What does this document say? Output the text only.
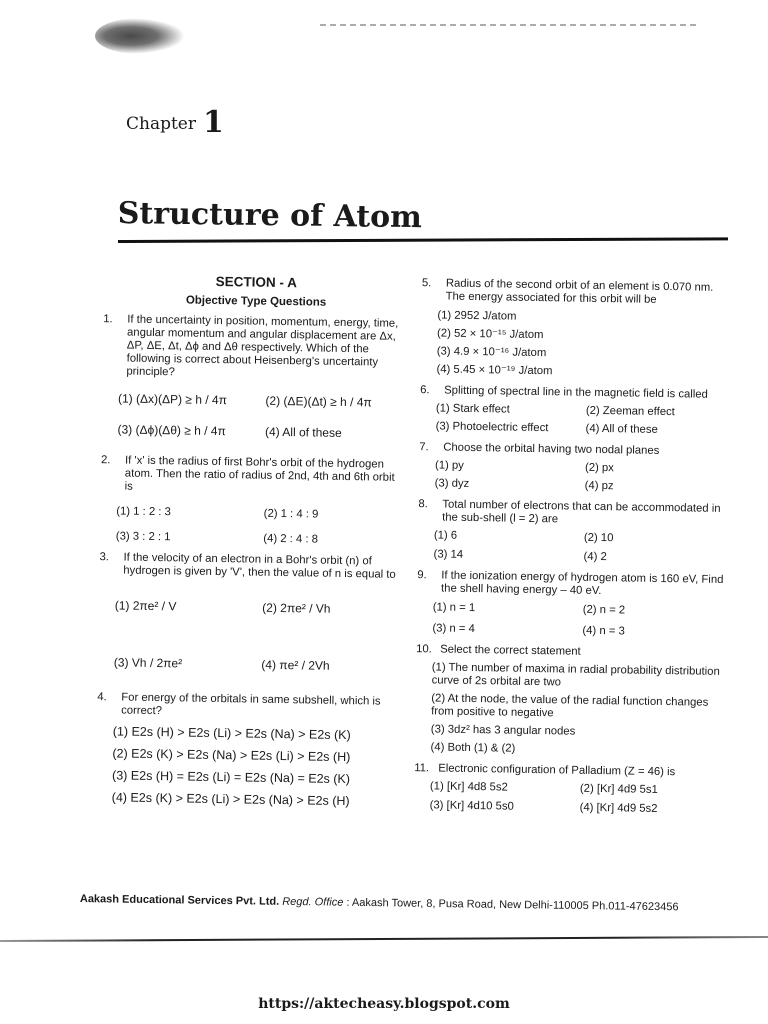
Chapter 1
Structure of Atom
SECTION - A
Objective Type Questions
1.	If the uncertainty in position, momentum, energy, time, angular momentum and angular displacement are Δx, ΔP, ΔE, Δt, Δϕ and Δθ respectively. Which of the following is correct about Heisenberg's uncertainty principle?
(1) (Δx)(ΔP) ≥ h / 4π	(2) (ΔE)(Δt) ≥ h / 4π
(3) (Δϕ)(Δθ) ≥ h / 4π	(4) All of these
2.	If 'x' is the radius of first Bohr's orbit of the hydrogen atom. Then the ratio of radius of 2nd, 4th and 6th orbit is
(1) 1 : 2 : 3	(2) 1 : 4 : 9
(3) 3 : 2 : 1	(4) 2 : 4 : 8
3.	If the velocity of an electron in a Bohr's orbit (n) of hydrogen is given by 'V', then the value of n is equal to
(1) 2πe² / V	(2) 2πe² / Vh
(3) Vh / 2πe²	(4) πe² / 2Vh
4.	For energy of the orbitals in same subshell, which is correct?
(1) E2s (H) > E2s (Li) > E2s (Na) > E2s (K)
(2) E2s (K) > E2s (Na) > E2s (Li) > E2s (H)
(3) E2s (H) = E2s (Li) = E2s (Na) = E2s (K)
(4) E2s (K) > E2s (Li) > E2s (Na) > E2s (H)
5.	Radius of the second orbit of an element is 0.070 nm. The energy associated for this orbit will be
(1) 2952 J/atom
(2) 52 × 10⁻¹⁵ J/atom
(3) 4.9 × 10⁻¹⁶ J/atom
(4) 5.45 × 10⁻¹⁹ J/atom
6.	Splitting of spectral line in the magnetic field is called
(1) Stark effect	(2) Zeeman effect
(3) Photoelectric effect	(4) All of these
7.	Choose the orbital having two nodal planes
(1) py	(2) px
(3) dyz	(4) pz
8.	Total number of electrons that can be accommodated in the sub-shell (l = 2) are
(1) 6	(2) 10
(3) 14	(4) 2
9.	If the ionization energy of hydrogen atom is 160 eV, Find the shell having energy – 40 eV.
(1) n = 1	(2) n = 2
(3) n = 4	(4) n = 3
10. Select the correct statement
(1) The number of maxima in radial probability distribution curve of 2s orbital are two
(2) At the node, the value of the radial function changes from positive to negative
(3) 3dz² has 3 angular nodes
(4) Both (1) & (2)
11. Electronic configuration of Palladium (Z = 46) is
(1) [Kr] 4d8 5s2	(2) [Kr] 4d9 5s1
(3) [Kr] 4d10 5s0	(4) [Kr] 4d9 5s2
Aakash Educational Services Pvt. Ltd. Regd. Office : Aakash Tower, 8, Pusa Road, New Delhi-110005 Ph.011-47623456
https://aktecheasy.blogspot.com
